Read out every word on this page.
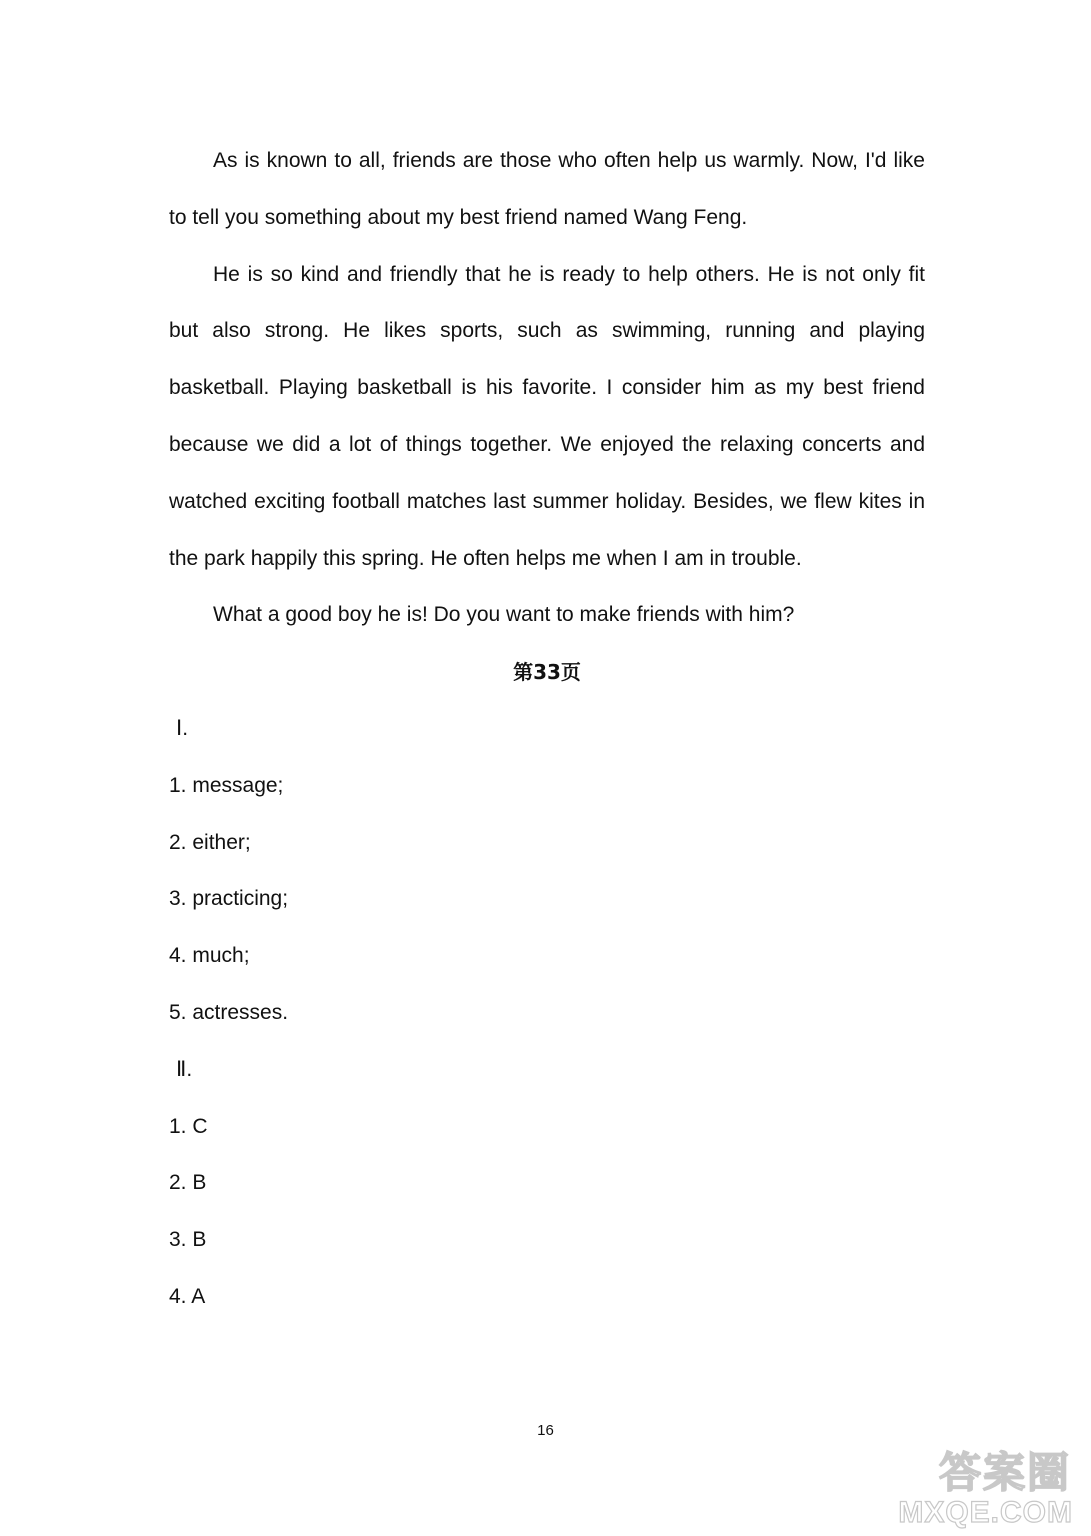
As is known to all, friends are those who often help us warmly. Now, I'd like to tell you something about my best friend named Wang Feng.

He is so kind and friendly that he is ready to help others. He is not only fit but also strong. He likes sports, such as swimming, running and playing basketball. Playing basketball is his favorite. I consider him as my best friend because we did a lot of things together. We enjoyed the relaxing concerts and watched exciting football matches last summer holiday. Besides, we flew kites in the park happily this spring. He often helps me when I am in trouble.

What a good boy he is! Do you want to make friends with him?

第33页

Ⅰ.

1. message;

2. either;

3. practicing;

4. much;

5. actresses.

Ⅱ.

1. C

2. B

3. B

4. A

16
答案圈
MXQE.COM
